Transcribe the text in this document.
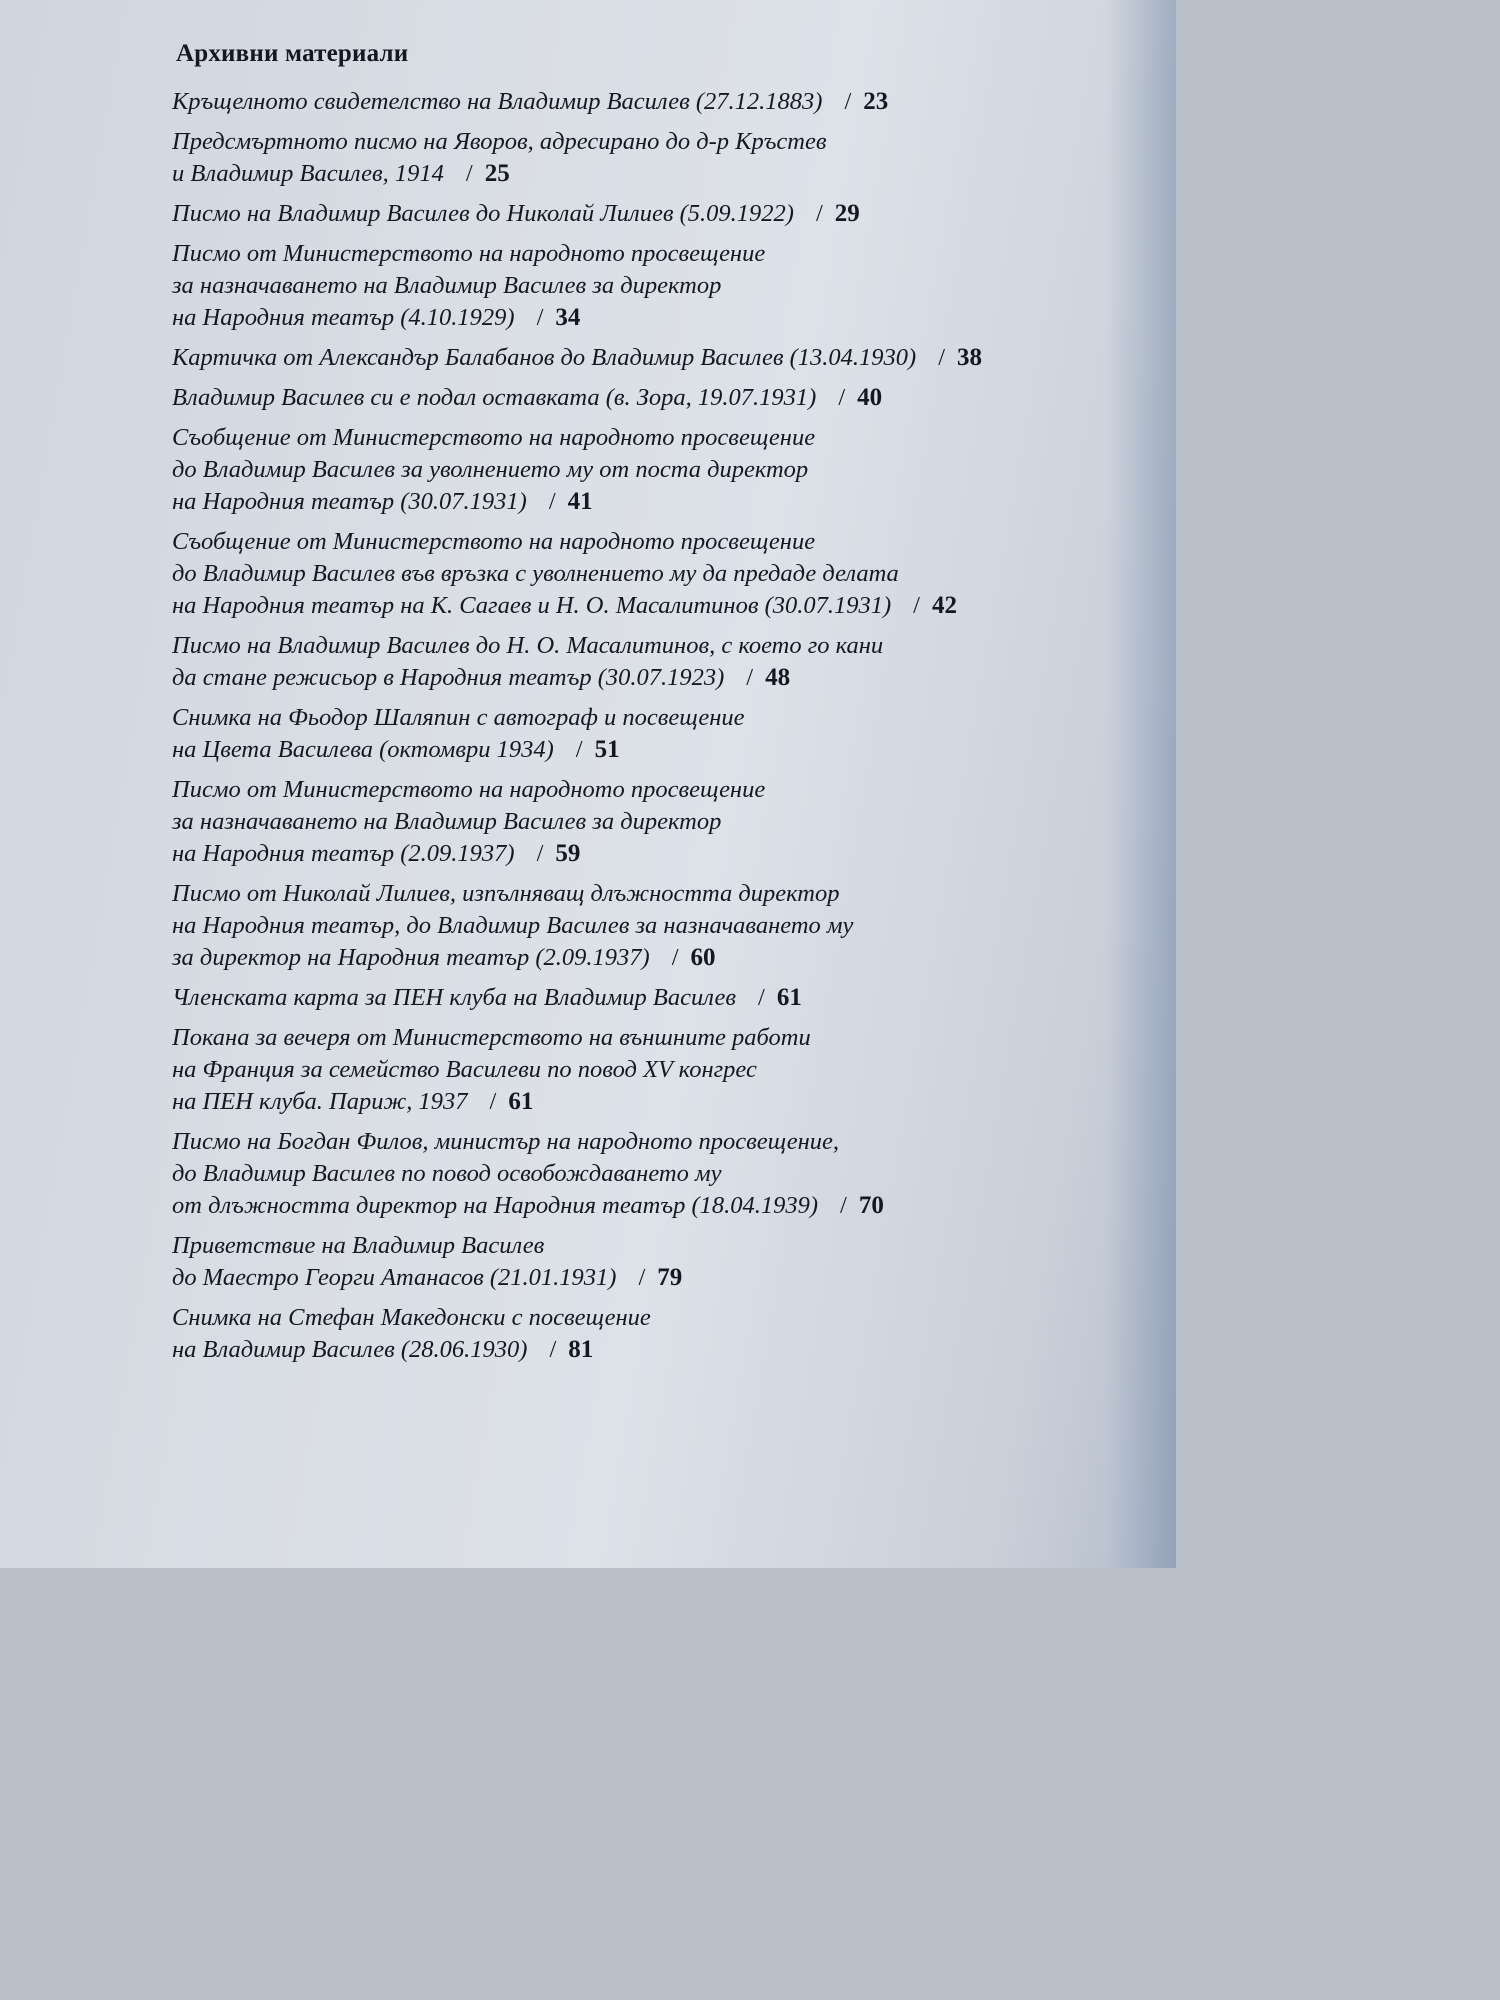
Архивни материали
Кръщелното свидетелство на Владимир Василев (27.12.1883) / 23
Предсмъртното писмо на Яворов, адресирано до д-р Кръстев
и Владимир Василев, 1914 / 25
Писмо на Владимир Василев до Николай Лилиев (5.09.1922) / 29
Писмо от Министерството на народното просвещение
за назначаването на Владимир Василев за директор
на Народния театър (4.10.1929) / 34
Картичка от Александър Балабанов до Владимир Василев (13.04.1930) / 38
Владимир Василев си е подал оставката (в. Зора, 19.07.1931) / 40
Съобщение от Министерството на народното просвещение
до Владимир Василев за уволнението му от поста директор
на Народния театър (30.07.1931) / 41
Съобщение от Министерството на народното просвещение
до Владимир Василев във връзка с уволнението му да предаде делата
на Народния театър на К. Сагаев и Н. О. Масалитинов (30.07.1931) / 42
Писмо на Владимир Василев до Н. О. Масалитинов, с което го кани
да стане режисьор в Народния театър (30.07.1923) / 48
Снимка на Фьодор Шаляпин с автограф и посвещение
на Цвета Василева (октомври 1934) / 51
Писмо от Министерството на народното просвещение
за назначаването на Владимир Василев за директор
на Народния театър (2.09.1937) / 59
Писмо от Николай Лилиев, изпълняващ длъжността директор
на Народния театър, до Владимир Василев за назначаването му
за директор на Народния театър (2.09.1937) / 60
Членската карта за ПЕН клуба на Владимир Василев / 61
Покана за вечеря от Министерството на външните работи
на Франция за семейство Василеви по повод XV конгрес
на ПЕН клуба. Париж, 1937 / 61
Писмо на Богдан Филов, министър на народното просвещение,
до Владимир Василев по повод освобождаването му
от длъжността директор на Народния театър (18.04.1939) / 70
Приветствие на Владимир Василев
до Маестро Георги Атанасов (21.01.1931) / 79
Снимка на Стефан Македонски с посвещение
на Владимир Василев (28.06.1930) / 81
